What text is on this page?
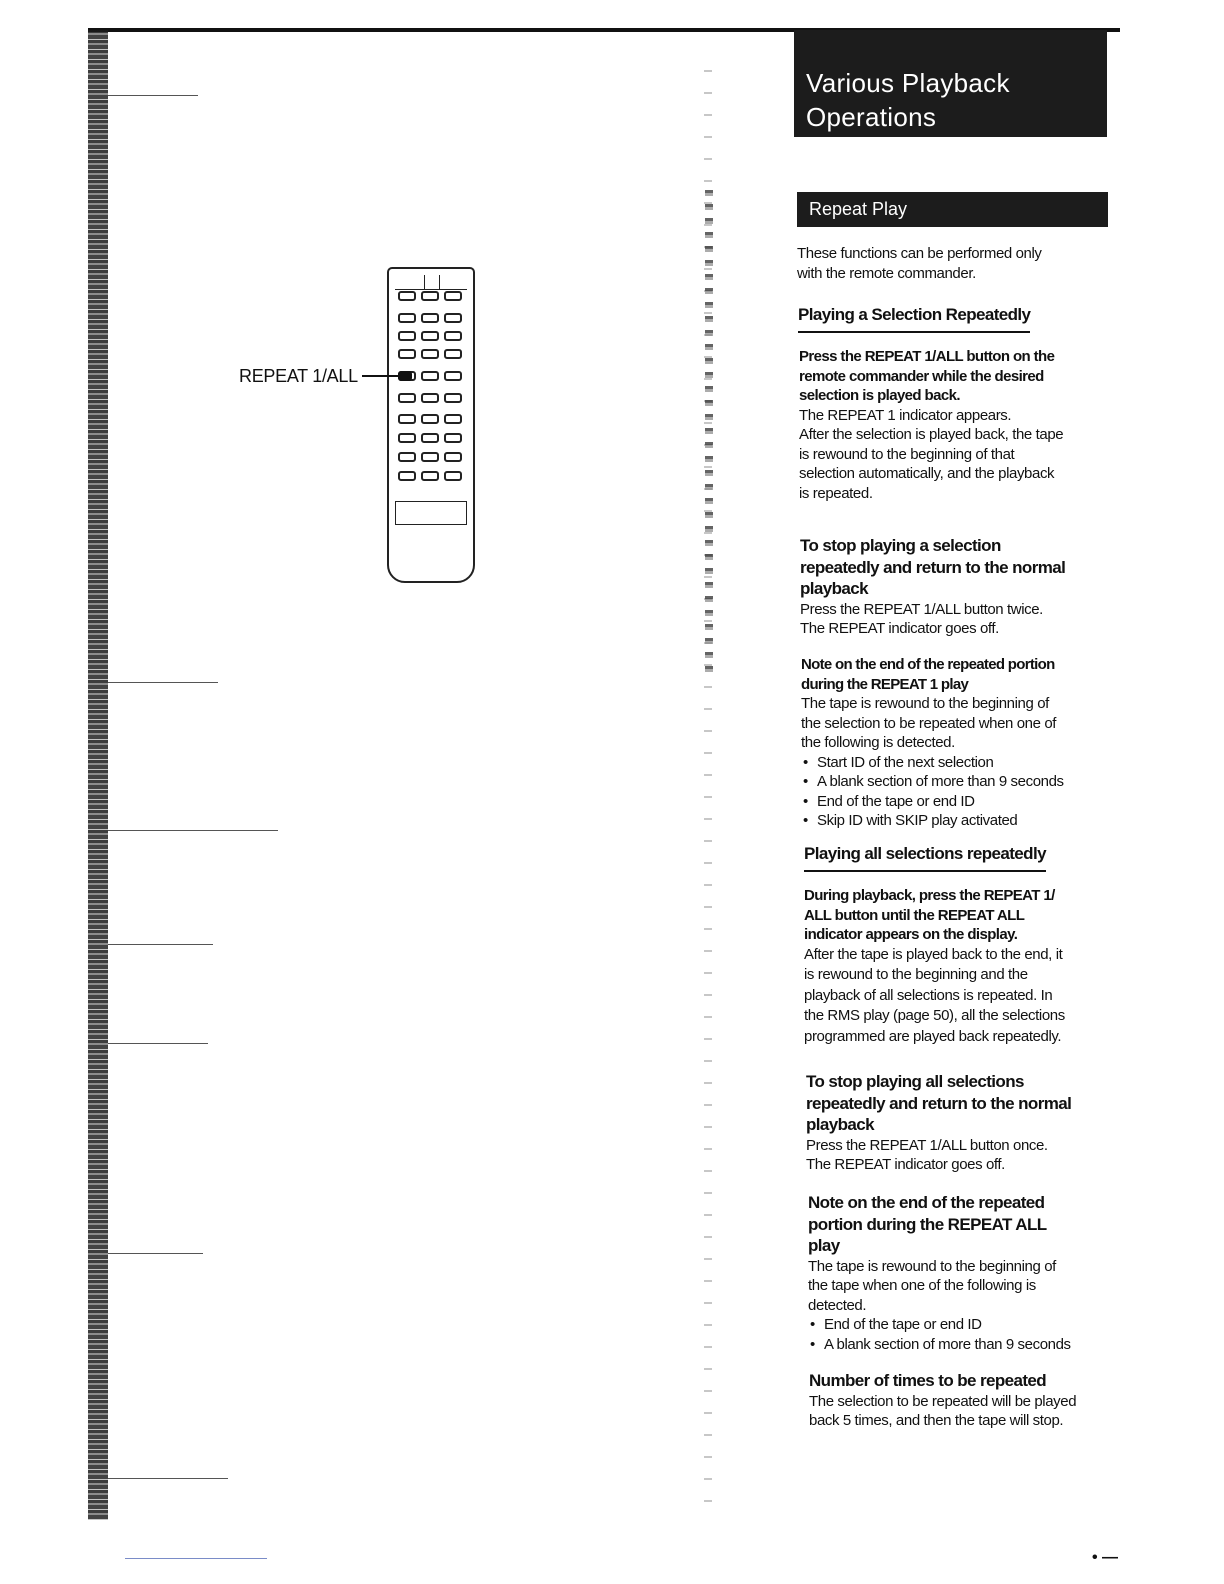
Various Playback
Operations
Repeat Play
REPEAT 1/ALL
These functions can be performed only
with the remote commander.
Playing a Selection Repeatedly
Press the REPEAT 1/ALL button on the
remote commander while the desired
selection is played back.
The REPEAT 1 indicator appears.
After the selection is played back, the tape
is rewound to the beginning of that
selection automatically, and the playback
is repeated.
To stop playing a selection
repeatedly and return to the normal
playback
Press the REPEAT 1/ALL button twice.
The REPEAT indicator goes off.
Note on the end of the repeated portion
during the REPEAT 1 play
The tape is rewound to the beginning of
the selection to be repeated when one of
the following is detected.
• Start ID of the next selection
• A blank section of more than 9 seconds
• End of the tape or end ID
• Skip ID with SKIP play activated
Playing all selections repeatedly
During playback, press the REPEAT 1/
ALL button until the REPEAT ALL
indicator appears on the display.
After the tape is played back to the end, it
is rewound to the beginning and the
playback of all selections is repeated. In
the RMS play (page 50), all the selections
programmed are played back repeatedly.
To stop playing all selections
repeatedly and return to the normal
playback
Press the REPEAT 1/ALL button once.
The REPEAT indicator goes off.
Note on the end of the repeated
portion during the REPEAT ALL
play
The tape is rewound to the beginning of
the tape when one of the following is
detected.
• End of the tape or end ID
• A blank section of more than 9 seconds
Number of times to be repeated
The selection to be repeated will be played
back 5 times, and then the tape will stop.
• —
